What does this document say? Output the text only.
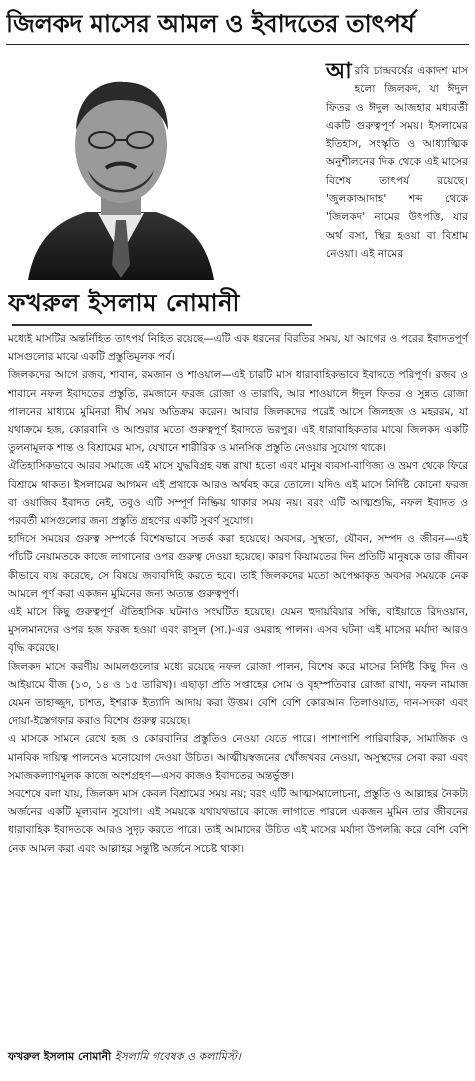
জিলকদ মাসের আমল ও ইবাদতের তাৎপর্য
ফখরুল ইসলাম নোমানী

আরবি চান্দ্রবর্ষের একাদশ মাস হলো জিলকদ, যা ঈদুল ফিতর ও ঈদুল আজহার মধ্যবর্তী একটি গুরুত্বপূর্ণ সময়। ইসলামের ইতিহাস, সংস্কৃতি ও আধ্যাত্মিক অনুশীলনের দিক থেকে এই মাসের বিশেষ তাৎপর্য রয়েছে। 'জুলকাআদাহ' শব্দ থেকে 'জিলকদ' নামের উৎপত্তি, যার অর্থ বসা, স্থির হওয়া বা বিশ্রাম নেওয়া। এই নামের

মধ্যেই মাসটির অন্তর্নিহিত তাৎপর্য নিহিত রয়েছে—এটি এক ধরনের বিরতির সময়, যা আগের ও পরের ইবাদতপূর্ণ মাসগুলোর মাঝে একটি প্রস্তুতিমূলক পর্ব।

জিলকদের আগে রজব, শাবান, রমজান ও শাওয়াল—এই চারটি মাস ধারাবাহিকভাবে ইবাদতে পরিপূর্ণ। রজব ও শাবানে নফল ইবাদতের প্রস্তুতি, রমজানে ফরজ রোজা ও তারাবি, আর শাওয়ালে ঈদুল ফিতর ও সুন্নত রোজা পালনের মাধ্যমে মুমিনরা দীর্ঘ সময় অতিক্রম করেন। আবার জিলকদের পরেই আসে জিলহজ ও মহররম, যা যথাক্রমে হজ, কোরবানি ও আশুরার মতো গুরুত্বপূর্ণ ইবাদতে ভরপুর। এই ধারাবাহিকতার মাঝে জিলকদ একটি তুলনামূলক শান্ত ও বিশ্রামের মাস, যেখানে শারীরিক ও মানসিক প্রস্তুতি নেওয়ার সুযোগ থাকে।

ঐতিহাসিকভাবে আরব সমাজে এই মাসে যুদ্ধবিগ্রহ বন্ধ রাখা হতো এবং মানুষ ব্যবসা-বাণিজ্য ও ভ্রমণ থেকে ফিরে বিশ্রামে থাকত। ইসলামের আগমন এই প্রথাকে আরও অর্থবহ করে তোলে। যদিও এই মাসে নির্দিষ্ট কোনো ফরজ বা ওয়াজিব ইবাদত নেই, তবুও এটি সম্পূর্ণ নিষ্ক্রিয় থাকার সময় নয়। বরং এটি আত্মশুদ্ধি, নফল ইবাদত ও পরবর্তী মাসগুলোর জন্য প্রস্তুতি গ্রহণের একটি সুবর্ণ সুযোগ।

হাদিসে সময়ের গুরুত্ব সম্পর্কে বিশেষভাবে সতর্ক করা হয়েছে। অবসর, সুস্থতা, যৌবন, সম্পদ ও জীবন—এই পাঁচটি নেয়ামতকে কাজে লাগানোর ওপর গুরুত্ব দেওয়া হয়েছে। কারণ কিয়ামতের দিন প্রতিটি মানুষকে তার জীবন কীভাবে ব্যয় করেছে, সে বিষয়ে জবাবদিহি করতে হবে। তাই জিলকদের মতো অপেক্ষাকৃত অবসর সময়কে নেক আমলে পূর্ণ করা একজন মুমিনের জন্য অত্যন্ত গুরুত্বপূর্ণ।

এই মাসে কিছু গুরুত্বপূর্ণ ঐতিহাসিক ঘটনাও সংঘটিত হয়েছে। যেমন হুদায়বিয়ার সন্ধি, বাইয়াতে রিদওয়ান, মুসলমানদের ওপর হজ ফরজ হওয়া এবং রাসুল (সা.)-এর ওমরাহ পালন। এসব ঘটনা এই মাসের মর্যাদা আরও বৃদ্ধি করেছে।

জিলকদ মাসে করণীয় আমলগুলোর মধ্যে রয়েছে নফল রোজা পালন, বিশেষ করে মাসের নির্দিষ্ট কিছু দিন ও আইয়ামে বীজ (১৩, ১৪ ও ১৫ তারিখ)। এছাড়া প্রতি সপ্তাহের সোম ও বৃহস্পতিবার রোজা রাখা, নফল নামাজ যেমন তাহাজ্জুদ, চাশত, ইশরাক ইত্যাদি আদায় করা উত্তম। বেশি বেশি কোরআন তিলাওয়াত, দান-সদকা এবং দোয়া-ইস্তেগফার করাও বিশেষ গুরুত্ব রয়েছে।

এ মাসকে সামনে রেখে হজ ও কোরবানির প্রস্তুতিও নেওয়া যেতে পারে। পাশাপাশি পারিবারিক, সামাজিক ও মানবিক দায়িত্ব পালনেও মনোযোগ দেওয়া উচিত। আত্মীয়স্বজনের খোঁজখবর নেওয়া, অসুস্থদের সেবা করা এবং সমাজকল্যাণমূলক কাজে অংশগ্রহণ—এসব কাজও ইবাদতের অন্তর্ভুক্ত।

সবশেষে বলা যায়, জিলকদ মাস কেবল বিশ্রামের সময় নয়; বরং এটি আত্মসমালোচনা, প্রস্তুতি ও আল্লাহর নৈকট্য অর্জনের একটি মূল্যবান সুযোগ। এই সময়কে যথাযথভাবে কাজে লাগাতে পারলে একজন মুমিন তার জীবনের ধারাবাহিক ইবাদতকে আরও সুদৃঢ় করতে পারে। তাই আমাদের উচিত এই মাসের মর্যাদা উপলব্ধি করে বেশি বেশি নেক আমল করা এবং আল্লাহর সন্তুষ্টি অর্জনে সচেষ্ট থাকা।

ফখরুল ইসলাম নোমানী ইসলামি গবেষক ও কলামিস্ট।
